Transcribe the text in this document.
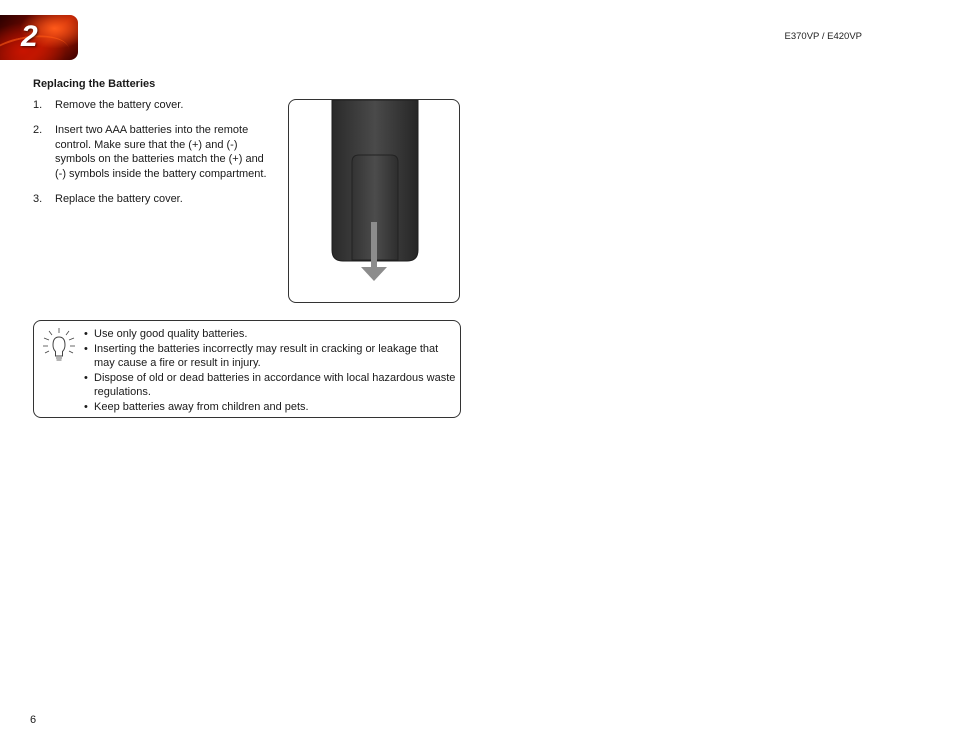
2	E370VP / E420VP
Replacing the Batteries
1. Remove the battery cover.
2. Insert two AAA batteries into the remote control. Make sure that the (+) and (-) symbols on the batteries match the (+) and (-) symbols inside the battery compartment.
3. Replace the battery cover.
• Use only good quality batteries.
• Inserting the batteries incorrectly may result in cracking or leakage that may cause a fire or result in injury.
• Dispose of old or dead batteries in accordance with local hazardous waste regulations.
• Keep batteries away from children and pets.
6
